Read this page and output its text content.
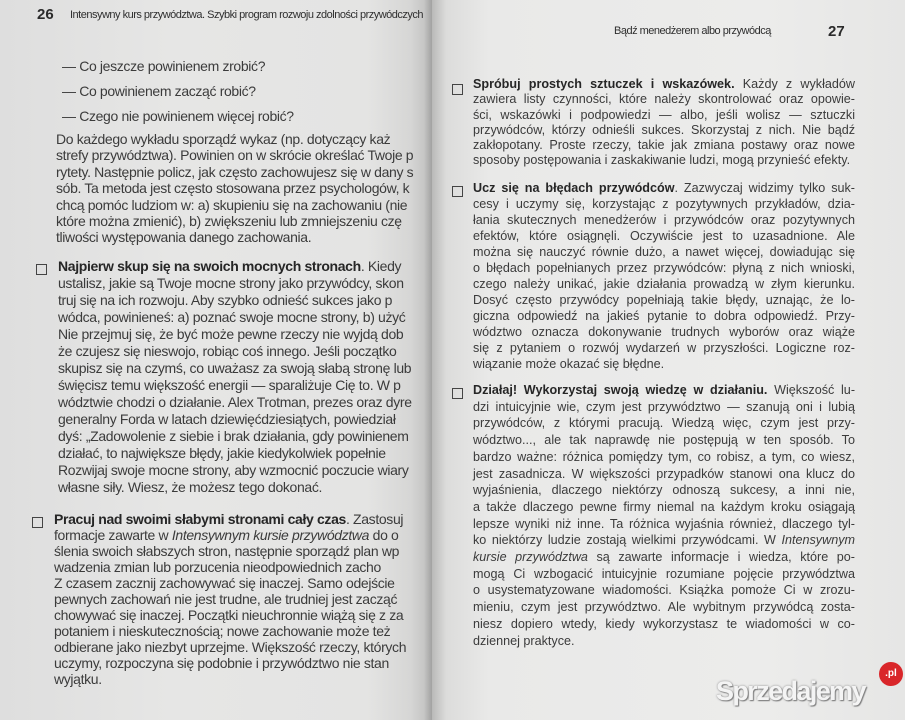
26 Intensywny kurs przywództwa. Szybki program rozwoju zdolności przywódczych
— Co jeszcze powinienem zrobić?
— Co powinienem zacząć robić?
— Czego nie powinienem więcej robić?
Do każdego wykładu sporządź wykaz (np. dotyczący każ
strefy przywództwa). Powinien on w skrócie określać Twoje p
rytety. Następnie policz, jak często zachowujesz się w dany s
sób. Ta metoda jest często stosowana przez psychologów, k
chcą pomóc ludziom w: a) skupieniu się na zachowaniu (nie
które można zmienić), b) zwiększeniu lub zmniejszeniu czę
tliwości występowania danego zachowania.
Najpierw skup się na swoich mocnych stronach. Kiedy
ustalisz, jakie są Twoje mocne strony jako przywódcy, skon
truj się na ich rozwoju. Aby szybko odnieść sukces jako p
wódca, powinieneś: a) poznać swoje mocne strony, b) użyć
Nie przejmuj się, że być może pewne rzeczy nie wyjdą dob
że czujesz się nieswojo, robiąc coś innego. Jeśli początko
skupisz się na czymś, co uważasz za swoją słabą stronę lub
święcisz temu większość energii — sparaliżuje Cię to. W p
wództwie chodzi o działanie. Alex Trotman, prezes oraz dyre
generalny Forda w latach dziewięćdziesiątych, powiedział
dyś: „Zadowolenie z siebie i brak działania, gdy powinienem
działać, to największe błędy, jakie kiedykolwiek popełnie
Rozwijaj swoje mocne strony, aby wzmocnić poczucie wiary
własne siły. Wiesz, że możesz tego dokonać.
Pracuj nad swoimi słabymi stronami cały czas. Zastosuj
formacje zawarte w Intensywnym kursie przywództwa do o
ślenia swoich słabszych stron, następnie sporządź plan wp
wadzenia zmian lub porzucenia nieodpowiednich zacho
Z czasem zacznij zachowywać się inaczej. Samo odejście
pewnych zachowań nie jest trudne, ale trudniej jest zacząć
chowywać się inaczej. Początki nieuchronnie wiążą się z za
potaniem i nieskutecznością; nowe zachowanie może też
odbierane jako niezbyt uprzejme. Większość rzeczy, których
uczymy, rozpoczyna się podobnie i przywództwo nie stan
wyjątku.
Bądź menedżerem albo przywódcą	27
Spróbuj prostych sztuczek i wskazówek. Każdy z wykładów
zawiera listy czynności, które należy skontrolować oraz opowie-
ści, wskazówki i podpowiedzi — albo, jeśli wolisz — sztuczki
przywódców, którzy odnieśli sukces. Skorzystaj z nich. Nie bądź
zakłopotany. Proste rzeczy, takie jak zmiana postawy oraz nowe
sposoby postępowania i zaskakiwanie ludzi, mogą przynieść efekty.
Ucz się na błędach przywódców. Zazwyczaj widzimy tylko suk-
cesy i uczymy się, korzystając z pozytywnych przykładów, dzia-
łania skutecznych menedżerów i przywódców oraz pozytywnych
efektów, które osiągnęli. Oczywiście jest to uzasadnione. Ale
można się nauczyć równie dużo, a nawet więcej, dowiadując się
o błędach popełnianych przez przywódców: płyną z nich wnioski,
czego należy unikać, jakie działania prowadzą w złym kierunku.
Dosyć często przywódcy popełniają takie błędy, uznając, że lo-
giczna odpowiedź na jakieś pytanie to dobra odpowiedź. Przy-
wództwo oznacza dokonywanie trudnych wyborów oraz wiąże
się z pytaniem o rozwój wydarzeń w przyszłości. Logiczne roz-
wiązanie może okazać się błędne.
Działaj! Wykorzystaj swoją wiedzę w działaniu. Większość lu-
dzi intuicyjnie wie, czym jest przywództwo — szanują oni i lubią
przywódców, z którymi pracują. Wiedzą więc, czym jest przy-
wództwo..., ale tak naprawdę nie postępują w ten sposób. To
bardzo ważne: różnica pomiędzy tym, co robisz, a tym, co wiesz,
jest zasadnicza. W większości przypadków stanowi ona klucz do
wyjaśnienia, dlaczego niektórzy odnoszą sukcesy, a inni nie,
a także dlaczego pewne firmy niemal na każdym kroku osiągają
lepsze wyniki niż inne. Ta różnica wyjaśnia również, dlaczego tyl-
ko niektórzy ludzie zostają wielkimi przywódcami. W Intensywnym
kursie przywództwa są zawarte informacje i wiedza, które po-
mogą Ci wzbogacić intuicyjnie rozumiane pojęcie przywództwa
o usystematyzowane wiadomości. Książka pomoże Ci w zrozu-
mieniu, czym jest przywództwo. Ale wybitnym przywódcą zosta-
niesz dopiero wtedy, kiedy wykorzystasz te wiadomości w co-
dziennej praktyce.
Sprzedajemy
.pl
